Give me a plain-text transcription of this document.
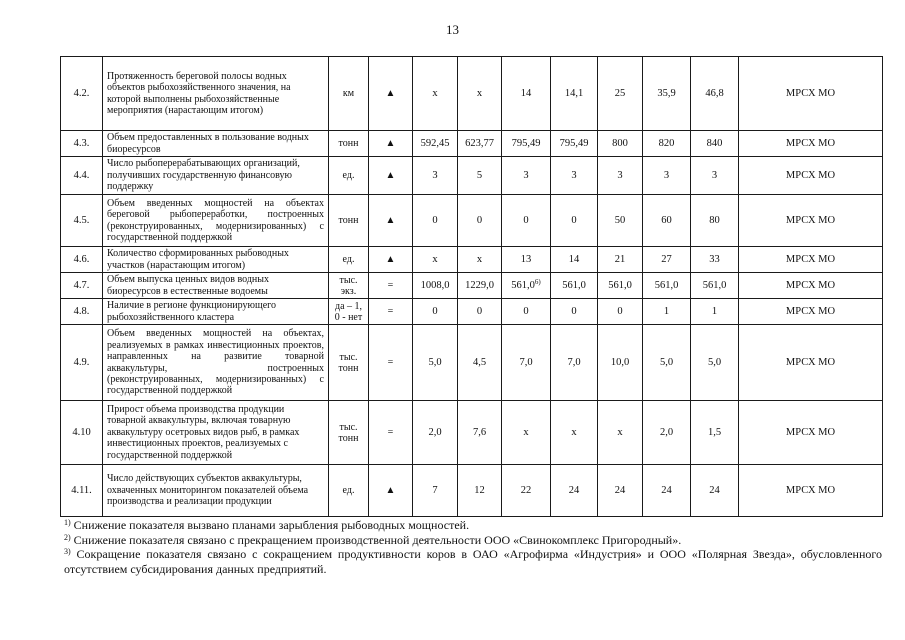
13
4.2.	Протяженность береговой полосы водных объектов рыбохозяйственного значения, на которой выполнены рыбохозяйственные мероприятия (нарастающим итогом)	км	▲	х	х	14	14,1	25	35,9	46,8	МРСХ МО
4.3.	Объем предоставленных в пользование водных биоресурсов	тонн	▲	592,45	623,77	795,49	795,49	800	820	840	МРСХ МО
4.4.	Число рыбоперерабатывающих организаций, получивших государственную финансовую поддержку	ед.	▲	3	5	3	3	3	3	3	МРСХ МО
4.5.	Объем введенных мощностей на объектах береговой рыбопереработки, построенных (реконструированных, модернизированных) с государственной поддержкой	тонн	▲	0	0	0	0	50	60	80	МРСХ МО
4.6.	Количество сформированных рыбоводных участков (нарастающим итогом)	ед.	▲	х	х	13	14	21	27	33	МРСХ МО
4.7.	Объем выпуска ценных видов водных биоресурсов в естественные водоемы	тыс. экз.	=	1008,0	1229,0	561,0$^{6)}$	561,0	561,0	561,0	561,0	МРСХ МО
4.8.	Наличие в регионе функционирующего рыбохозяйственного кластера	да – 1, 0 - нет	=	0	0	0	0	0	1	1	МРСХ МО
4.9.	Объем введенных мощностей на объектах, реализуемых в рамках инвестиционных проектов, направленных на развитие товарной аквакультуры, построенных (реконструированных, модернизированных) с государственной поддержкой	тыс. тонн	=	5,0	4,5	7,0	7,0	10,0	5,0	5,0	МРСХ МО
4.10	Прирост объема производства продукции товарной аквакультуры, включая товарную аквакультуру осетровых видов рыб, в рамках инвестиционных проектов, реализуемых с государственной поддержкой	тыс. тонн	=	2,0	7,6	х	х	х	2,0	1,5	МРСХ МО
4.11.	Число действующих субъектов аквакультуры, охваченных мониторингом показателей объема производства и реализации продукции	ед.	▲	7	12	22	24	24	24	24	МРСХ МО

$^{1)}$ Снижение показателя вызвано планами зарыбления рыбоводных мощностей.

$^{2)}$ Снижение показателя связано с прекращением производственной деятельности ООО «Свинокомплекс Пригородный».

$^{3)}$ Сокращение показателя связано с сокращением продуктивности коров в ОАО «Агрофирма «Индустрия» и ООО «Полярная Звезда», обусловленного отсутствием субсидирования данных предприятий.
